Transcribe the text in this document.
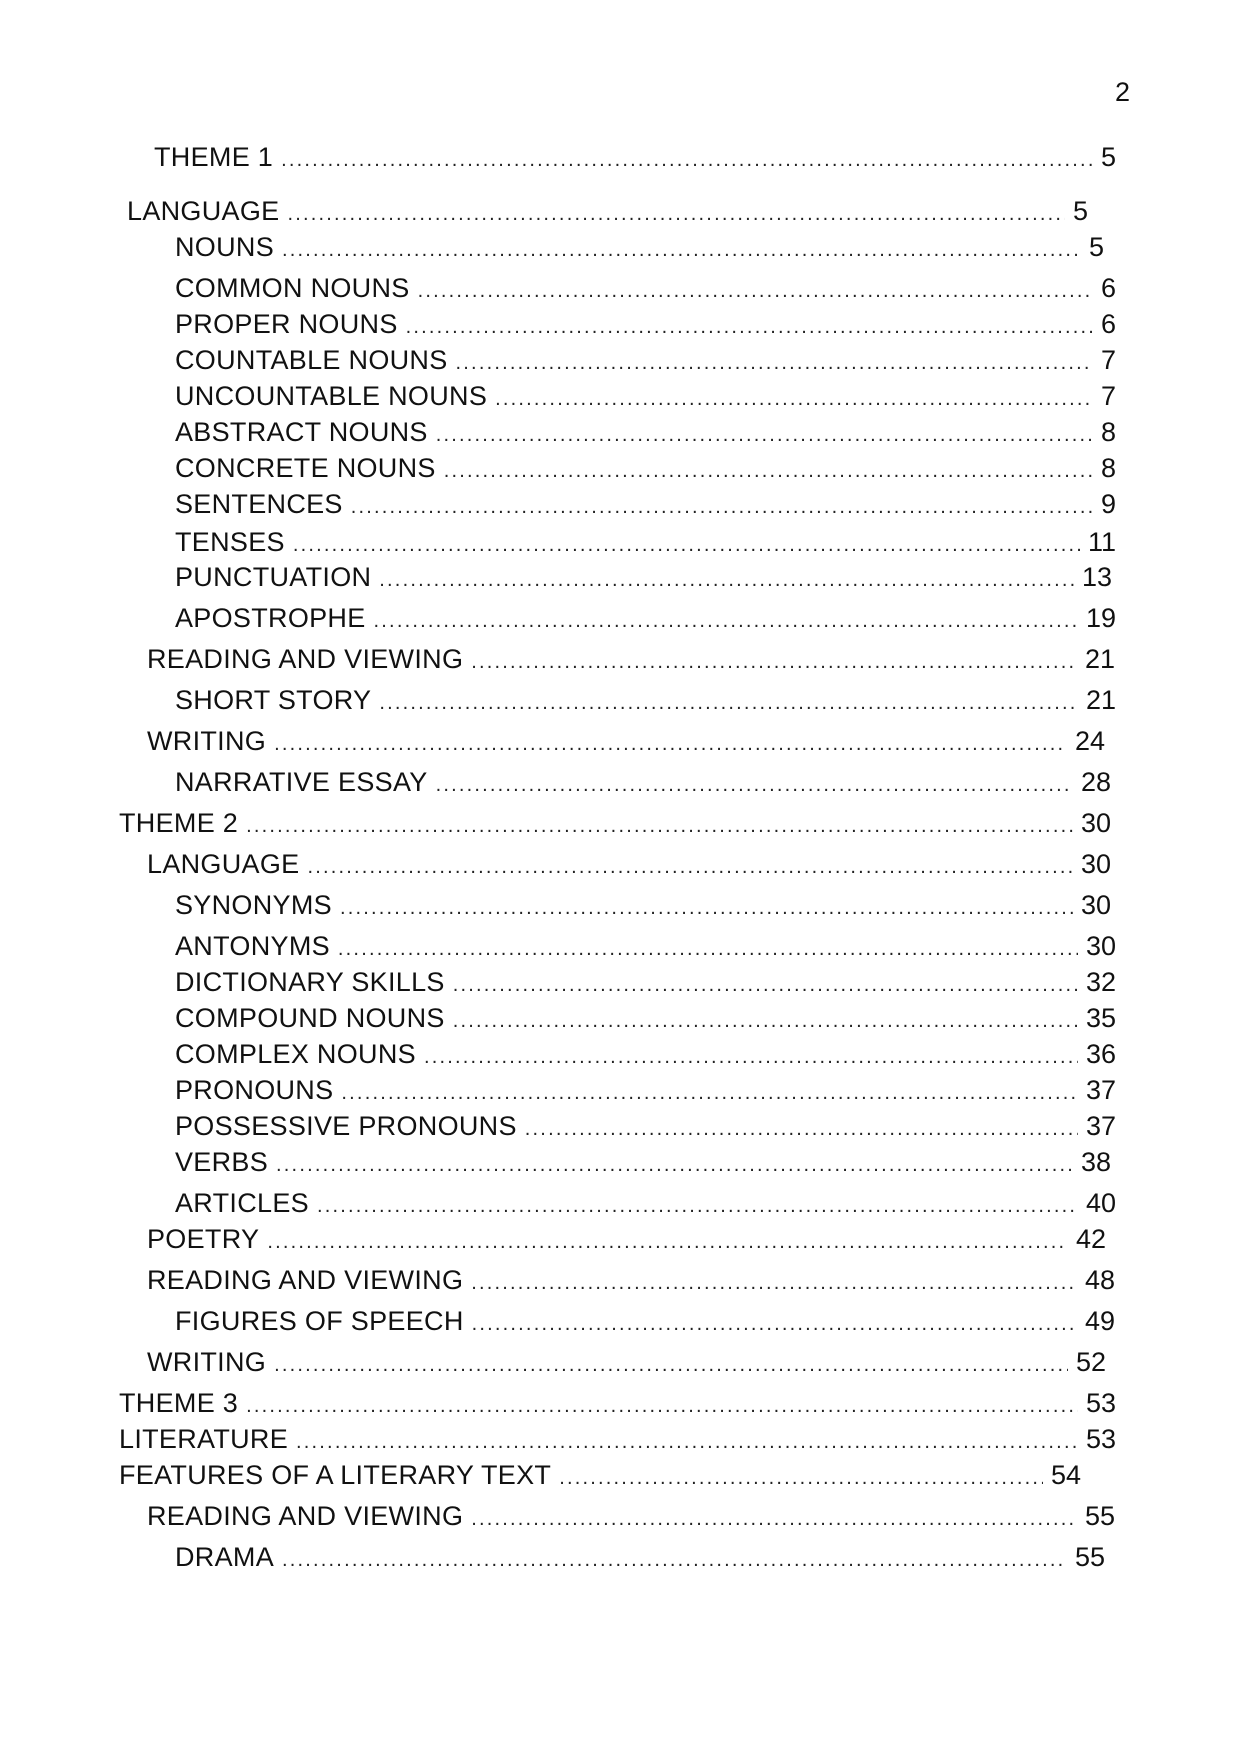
2
THEME 1 .....	5
LANGUAGE .....	5
NOUNS .....	5
COMMON NOUNS .....	6
PROPER NOUNS .....	6
COUNTABLE NOUNS .....	7
UNCOUNTABLE NOUNS .....	7
ABSTRACT NOUNS .....	8
CONCRETE NOUNS .....	8
SENTENCES .....	9
TENSES .....	11
PUNCTUATION .....	13
APOSTROPHE .....	19
READING AND VIEWING .....	21
SHORT STORY .....	21
WRITING .....	24
NARRATIVE ESSAY .....	28
THEME 2 .....	30
LANGUAGE .....	30
SYNONYMS .....	30
ANTONYMS .....	30
DICTIONARY SKILLS .....	32
COMPOUND NOUNS .....	35
COMPLEX NOUNS .....	36
PRONOUNS .....	37
POSSESSIVE PRONOUNS .....	37
VERBS .....	38
ARTICLES .....	40
POETRY .....	42
READING AND VIEWING .....	48
FIGURES OF SPEECH .....	49
WRITING .....	52
THEME 3 .....	53
LITERATURE .....	53
FEATURES OF A LITERARY TEXT .....	54
READING AND VIEWING .....	55
DRAMA .....	55
